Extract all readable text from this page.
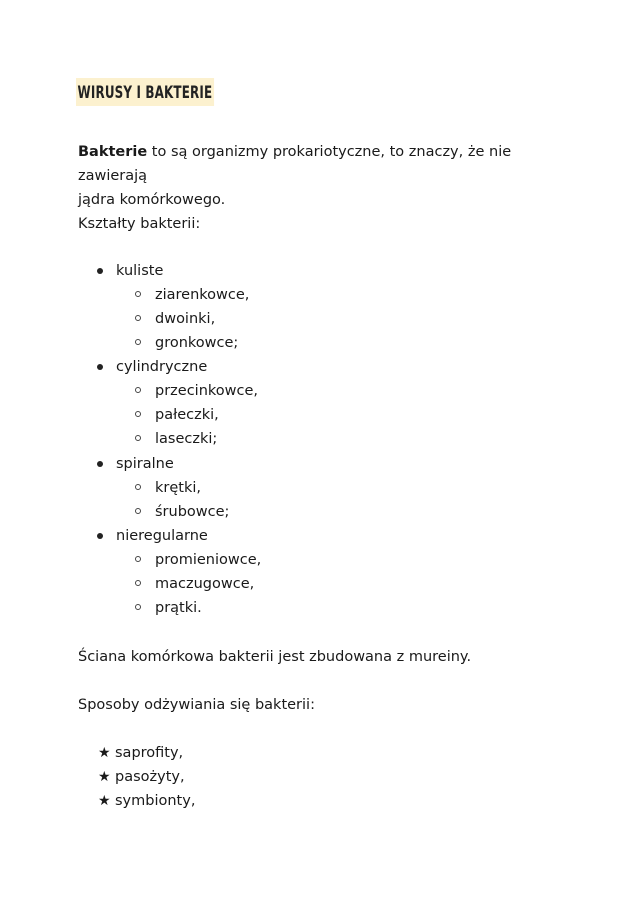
WIRUSY I BAKTERIE
Bakterie to są organizmy prokariotyczne, to znaczy, że nie zawierają
jądra komórkowego.
Kształty bakterii:
kuliste
ziarenkowce,
dwoinki,
gronkowce;
cylindryczne
przecinkowce,
pałeczki,
laseczki;
spiralne
krętki,
śrubowce;
nieregularne
promieniowce,
maczugowce,
prątki.
Ściana komórkowa bakterii jest zbudowana z mureiny.
Sposoby odżywiania się bakterii:
★ saprofity,
★ pasożyty,
★ symbionty,
